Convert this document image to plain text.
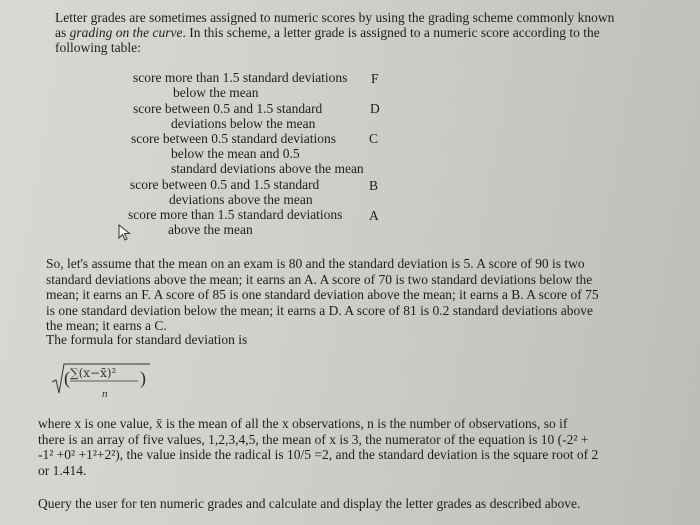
Letter grades are sometimes assigned to numeric scores by using the grading scheme commonly known
as grading on the curve. In this scheme, a letter grade is assigned to a numeric score according to the
following table:
score more than 1.5 standard deviations
below the mean
F
score between 0.5 and 1.5 standard
deviations below the mean
D
score between 0.5 standard deviations
below the mean and 0.5
standard deviations above the mean
C
score between 0.5 and 1.5 standard
deviations above the mean
B
score more than 1.5 standard deviations
above the mean
A
So, let's assume that the mean on an exam is 80 and the standard deviation is 5. A score of 90 is two
standard deviations above the mean; it earns an A. A score of 70 is two standard deviations below the
mean; it earns an F. A score of 85 is one standard deviation above the mean; it earns a B. A score of 75
is one standard deviation below the mean; it earns a D. A score of 81 is 0.2 standard deviations above
the mean; it earns a C.
The formula for standard deviation is
( ∑(x−x̄)² )
n
where x is one value, x̄ is the mean of all the x observations, n is the number of observations, so if
there is an array of five values, 1,2,3,4,5, the mean of x is 3, the numerator of the equation is 10 (-2² +
-1² +0² +1²+2²), the value inside the radical is 10/5 =2, and the standard deviation is the square root of 2
or 1.414.
Query the user for ten numeric grades and calculate and display the letter grades as described above.
